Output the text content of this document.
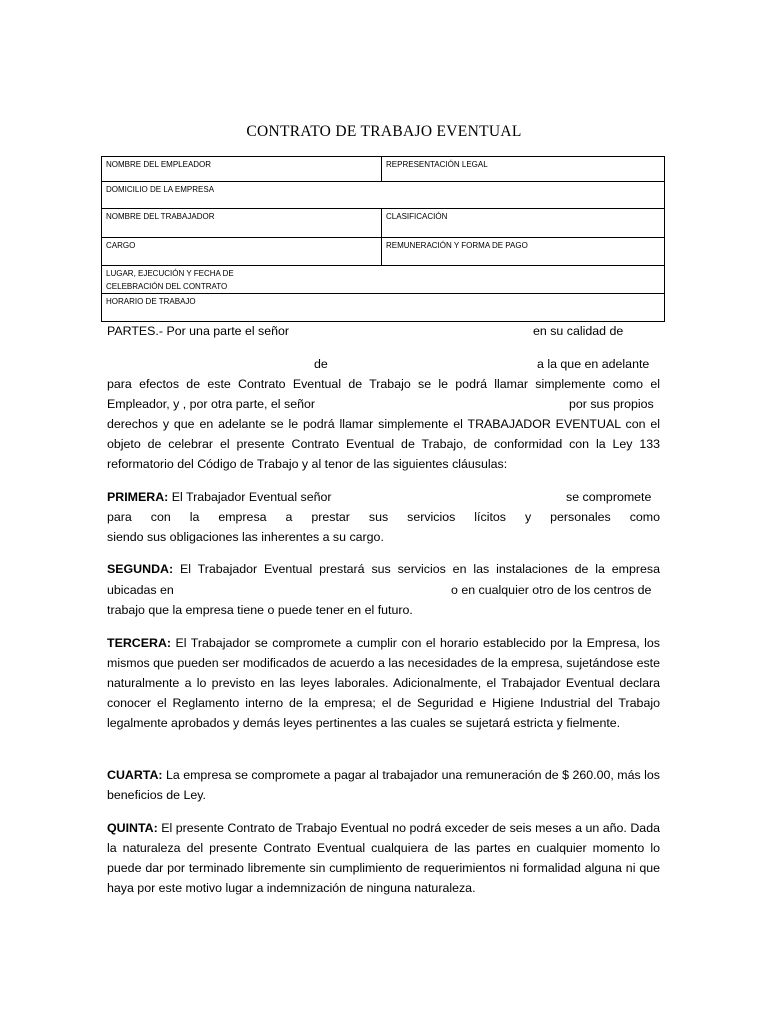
CONTRATO DE TRABAJO EVENTUAL
NOMBRE DEL EMPLEADOR	REPRESENTACIÓN LEGAL
DOMICILIO DE LA EMPRESA	
NOMBRE DEL TRABAJADOR	CLASIFICACIÓN
CARGO	REMUNERACIÓN Y FORMA DE PAGO

LUGAR, EJECUCIÓN Y FECHA DE
CELEBRACIÓN DEL CONTRATO	

HORARIO DE TRABAJO	
PARTES.- Por una parte el señor	en su calidad de
de	a la que en adelante
para efectos de este Contrato Eventual de Trabajo se le podrá llamar simplemente como el
Empleador, y , por otra parte, el señor	por sus propios
derechos y que en adelante se le podrá llamar simplemente el TRABAJADOR EVENTUAL con el objeto de celebrar el presente Contrato Eventual de Trabajo, de conformidad con la Ley 133 reformatorio del Código de Trabajo y al tenor de las siguientes cláusulas:
PRIMERA: El Trabajador Eventual señor	se compromete
para con la empresa a prestar sus servicios lícitos y personales como
siendo sus obligaciones las inherentes a su cargo.
SEGUNDA: El Trabajador Eventual prestará sus servicios en las instalaciones de la empresa
ubicadas en	o en cualquier otro de los centros de
trabajo que la empresa tiene o puede tener en el futuro.
TERCERA: El Trabajador se compromete a cumplir con el horario establecido por la Empresa, los mismos que pueden ser modificados de acuerdo a las necesidades de la empresa, sujetándose este naturalmente a lo previsto en las leyes laborales. Adicionalmente, el Trabajador Eventual declara conocer el Reglamento interno de la empresa; el de Seguridad e Higiene Industrial del Trabajo legalmente aprobados y demás leyes pertinentes a las cuales se sujetará estricta y fielmente.
CUARTA: La empresa se compromete a pagar al trabajador una remuneración de $ 260.00, más los beneficios de Ley.
QUINTA: El presente Contrato de Trabajo Eventual no podrá exceder de seis meses a un año. Dada la naturaleza del presente Contrato Eventual cualquiera de las partes en cualquier momento lo puede dar por terminado libremente sin cumplimiento de requerimientos ni formalidad alguna ni que haya por este motivo lugar a indemnización de ninguna naturaleza.
